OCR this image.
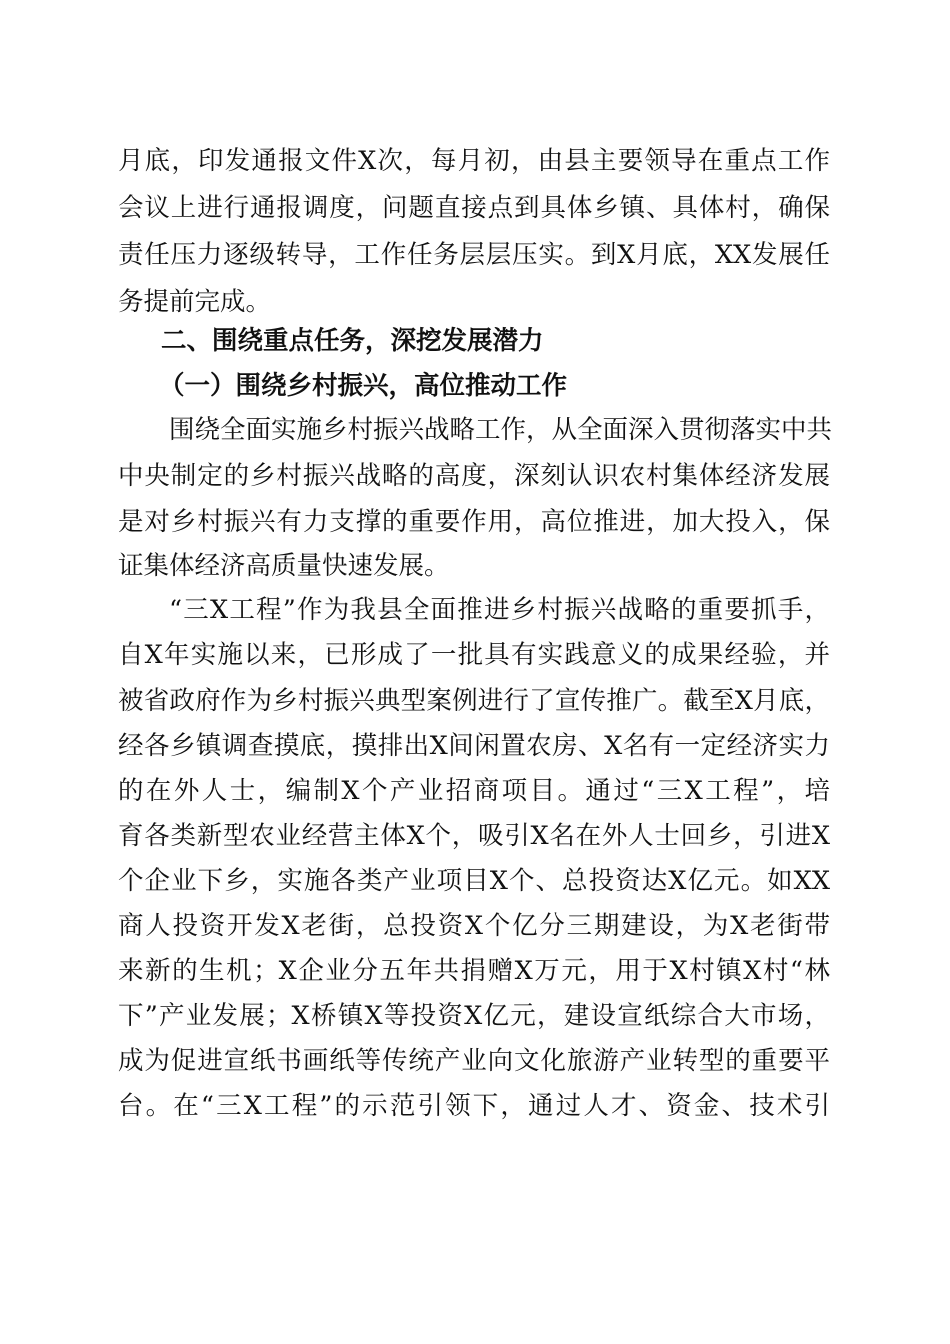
月底，印发通报文件X次，每月初，由县主要领导在重点工作
会议上进行通报调度，问题直接点到具体乡镇、具体村，确保
责任压力逐级转导，工作任务层层压实。到X月底，XX发展任
务提前完成。
二、围绕重点任务，深挖发展潜力
（一）围绕乡村振兴，高位推动工作
围绕全面实施乡村振兴战略工作，从全面深入贯彻落实中共
中央制定的乡村振兴战略的高度，深刻认识农村集体经济发展
是对乡村振兴有力支撑的重要作用，高位推进，加大投入，保
证集体经济高质量快速发展。
“三X工程”作为我县全面推进乡村振兴战略的重要抓手，
自X年实施以来，已形成了一批具有实践意义的成果经验，并
被省政府作为乡村振兴典型案例进行了宣传推广。截至X月底，
经各乡镇调查摸底，摸排出X间闲置农房、X名有一定经济实力
的在外人士，编制X个产业招商项目。通过“三X工程”，培
育各类新型农业经营主体X个，吸引X名在外人士回乡，引进X
个企业下乡，实施各类产业项目X个、总投资达X亿元。如XX
商人投资开发X老街，总投资X个亿分三期建设，为X老街带
来新的生机；X企业分五年共捐赠X万元，用于X村镇X村“林
下”产业发展；X桥镇X等投资X亿元，建设宣纸综合大市场，
成为促进宣纸书画纸等传统产业向文化旅游产业转型的重要平
台。在“三X工程”的示范引领下，通过人才、资金、技术引
